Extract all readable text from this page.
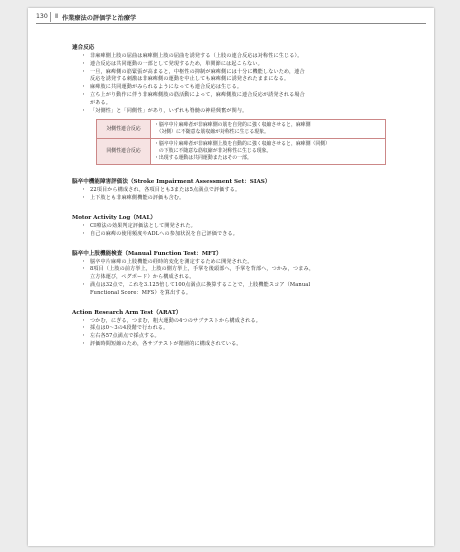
130 Ⅱ 作業療法の評価学と治療学
連合反応
・ 非麻痺側上肢の屈曲は麻痺側上肢の屈曲を誘発する（上肢の連合反応は対称性に生じる）。
・ 連合反応は共同運動の一部として発現するため，単関節には起こらない。
・ 一旦，麻痺側の筋緊張が高まると，中枢性の抑制が麻痺側には十分に機能しないため，連合
反応を誘発する刺激は非麻痺側の運動を中止しても麻痺側に誘発されたままになる。
・ 麻痺肢に共同運動がみられるようになっても連合反応は生じる。
・ 立ち上がり動作に伴う非麻痺側肢の筋活動によって，麻痺側肢に連合反応が誘発される場合
がある。
・ 「対側性」と「同側性」があり，いずれも脊髄の神経興奮が関与。
対側性連合反応	・脳卒中片麻痺者が非麻痺側の筋を自発的に強く収縮させると，麻痺側
　（対側）に不随意な筋収縮が対称性に生じる現象。

同側性連合反応	・脳卒中片麻痺者が非麻痺側上肢を自動的に強く収縮させると，麻痺側（同側）
　の下肢に不随意な筋収縮が非対称性に生じる現象。
・出現する運動は共同運動またはその一部。
脳卒中機能障害評価法（Stroke Impairment Assessment Set：SIAS）
・ 22項目から構成され，各項目とも3または5点満点で評価する。
・ 上下肢とも非麻痺側機能の評価も含む。
Motor Activity Log（MAL）
・ CI療法の効果判定評価法として開発された。
・ 自己の麻痺の使用頻度やADLへの参加状況を自己評価できる。
脳卒中上肢機能検査（Manual Function Test：MFT）
・ 脳卒中片麻痺の上肢機能の経時的変化を測定するために開発された。
・ 8項目（上肢の前方挙上，上肢の側方挙上，手掌を後頭部へ，手掌を背部へ，つかみ，つまみ，
立方体運び，ペグボード）から構成される。
・ 満点は32点で，これを3.125倍して100点満点に換算することで，上肢機能スコア（Manual
Functional Score：MFS）を算出する。
Action Research Arm Test（ARAT）
・ つかむ，にぎる，つまむ，粗大運動の4つのサブテストから構成される。
・ 採点は0～3の4段階で行われる。
・ 左右各57点満点で採点する。
・ 評価時間短縮のため，各サブテストが階層的に構成されている。
